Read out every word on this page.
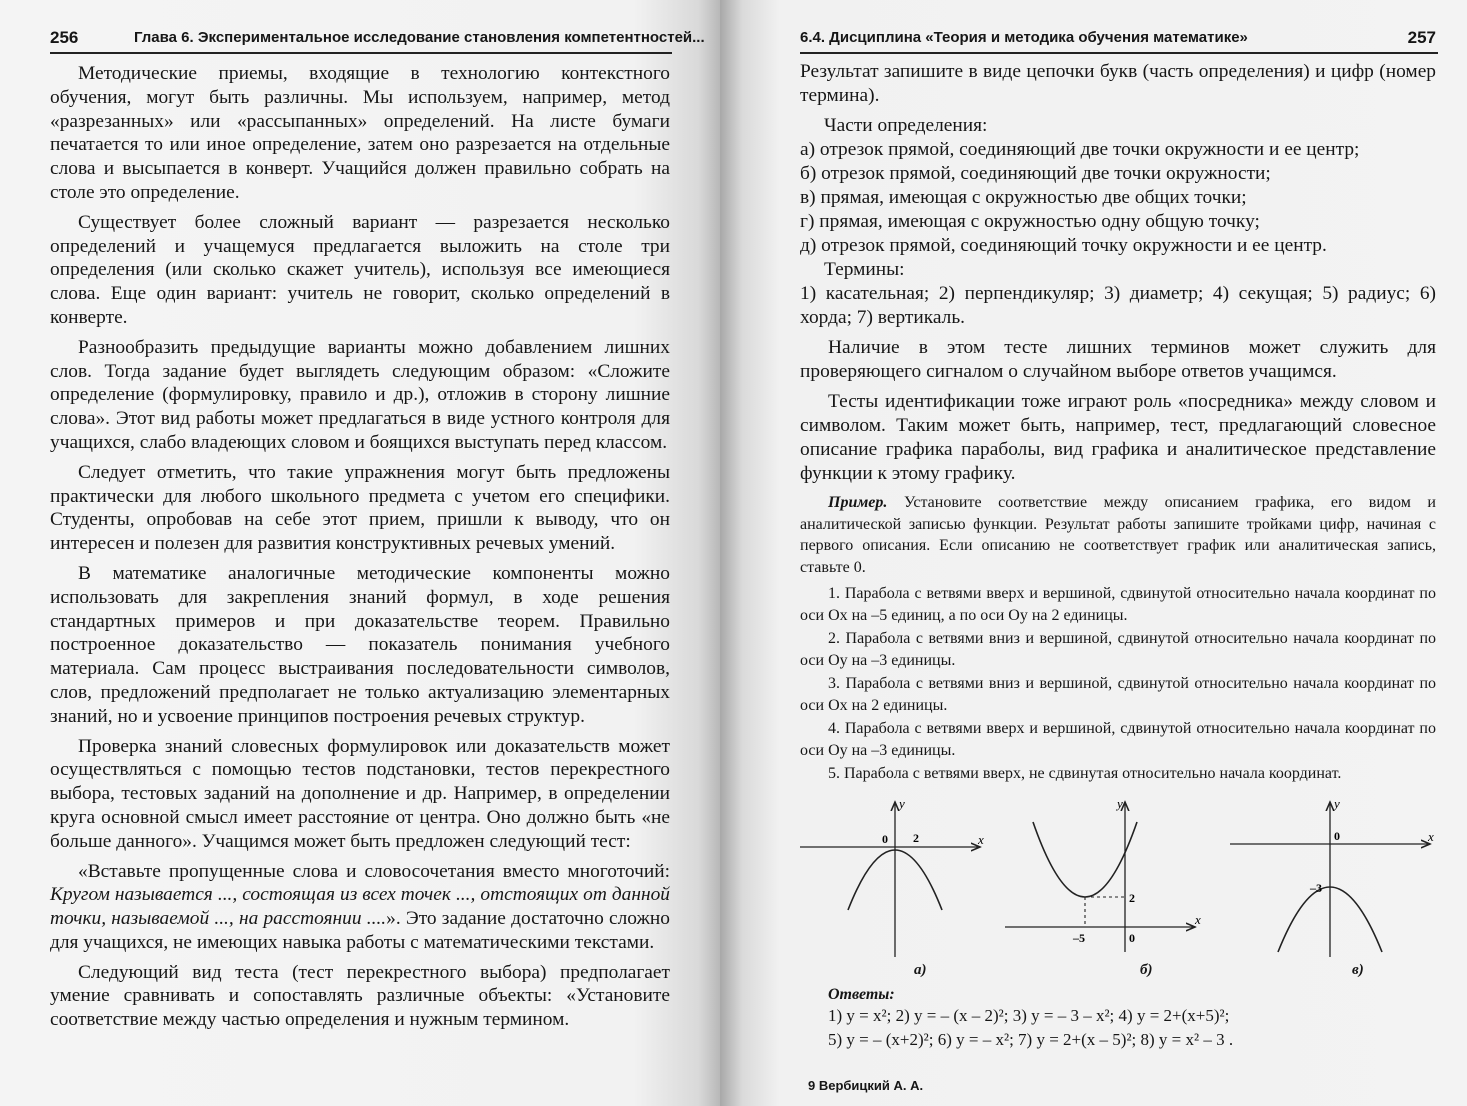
256	Глава 6. Экспериментальное исследование становления компетентностей...

Методические приемы, входящие в технологию контекстного обучения, могут быть различны. Мы используем, например, метод «разрезанных» или «рассыпанных» определений. На листе бумаги печатается то или иное определение, затем оно разрезается на отдельные слова и высыпается в конверт. Учащийся должен правильно собрать на столе это определение.

Существует более сложный вариант — разрезается несколько определений и учащемуся предлагается выложить на столе три определения (или сколько скажет учитель), используя все имеющиеся слова. Еще один вариант: учитель не говорит, сколько определений в конверте.

Разнообразить предыдущие варианты можно добавлением лишних слов. Тогда задание будет выглядеть следующим образом: «Сложите определение (формулировку, правило и др.), отложив в сторону лишние слова». Этот вид работы может предлагаться в виде устного контроля для учащихся, слабо владеющих словом и боящихся выступать перед классом.

Следует отметить, что такие упражнения могут быть предложены практически для любого школьного предмета с учетом его специфики. Студенты, опробовав на себе этот прием, пришли к выводу, что он интересен и полезен для развития конструктивных речевых умений.

В математике аналогичные методические компоненты можно использовать для закрепления знаний формул, в ходе решения стандартных примеров и при доказательстве теорем. Правильно построенное доказательство — показатель понимания учебного материала. Сам процесс выстраивания последовательности символов, слов, предложений предполагает не только актуализацию элементарных знаний, но и усвоение принципов построения речевых структур.

Проверка знаний словесных формулировок или доказательств может осуществляться с помощью тестов подстановки, тестов перекрестного выбора, тестовых заданий на дополнение и др. Например, в определении круга основной смысл имеет расстояние от центра. Оно должно быть «не больше данного». Учащимся может быть предложен следующий тест:

«Вставьте пропущенные слова и словосочетания вместо многоточий: Кругом называется ..., состоящая из всех точек ..., отстоящих от данной точки, называемой ..., на расстоянии ....». Это задание достаточно сложно для учащихся, не имеющих навыка работы с математическими текстами.

Следующий вид теста (тест перекрестного выбора) предполагает умение сравнивать и сопоставлять различные объекты: «Установите соответствие между частью определения и нужным термином.

6.4. Дисциплина «Теория и методика обучения математике»	257

Результат запишите в виде цепочки букв (часть определения) и цифр (номер термина).

Части определения:

а) отрезок прямой, соединяющий две точки окружности и ее центр;

б) отрезок прямой, соединяющий две точки окружности;

в) прямая, имеющая с окружностью две общих точки;

г) прямая, имеющая с окружностью одну общую точку;

д) отрезок прямой, соединяющий точку окружности и ее центр.

Термины:

1) касательная; 2) перпендикуляр; 3) диаметр; 4) секущая; 5) радиус; 6) хорда; 7) вертикаль.

Наличие в этом тесте лишних терминов может служить для проверяющего сигналом о случайном выборе ответов учащимся.

Тесты идентификации тоже играют роль «посредника» между словом и символом. Таким может быть, например, тест, предлагающий словесное описание графика параболы, вид графика и аналитическое представление функции к этому графику.

Пример. Установите соответствие между описанием графика, его видом и аналитической записью функции. Результат работы запишите тройками цифр, начиная с первого описания. Если описанию не соответствует график или аналитическая запись, ставьте 0.

1. Парабола с ветвями вверх и вершиной, сдвинутой относительно начала координат по оси Ox на –5 единиц, а по оси Oy на 2 единицы.

2. Парабола с ветвями вниз и вершиной, сдвинутой относительно начала координат по оси Oy на –3 единицы.

3. Парабола с ветвями вниз и вершиной, сдвинутой относительно начала координат по оси Ox на 2 единицы.

4. Парабола с ветвями вверх и вершиной, сдвинутой относительно начала координат по оси Oy на –3 единицы.

5. Парабола с ветвями вверх, не сдвинутая относительно начала координат.

y
x
0 2
y
x
0
–5
2
y
x
0
–3
а)	б)	в)
Ответы:
1) y = x²; 2) y = – (x – 2)²; 3) y = – 3 – x²; 4) y = 2+(x+5)²;
5) y = – (x+2)²; 6) y = – x²; 7) y = 2+(x – 5)²; 8) y = x² – 3 .
9 Вербицкий А. А.
